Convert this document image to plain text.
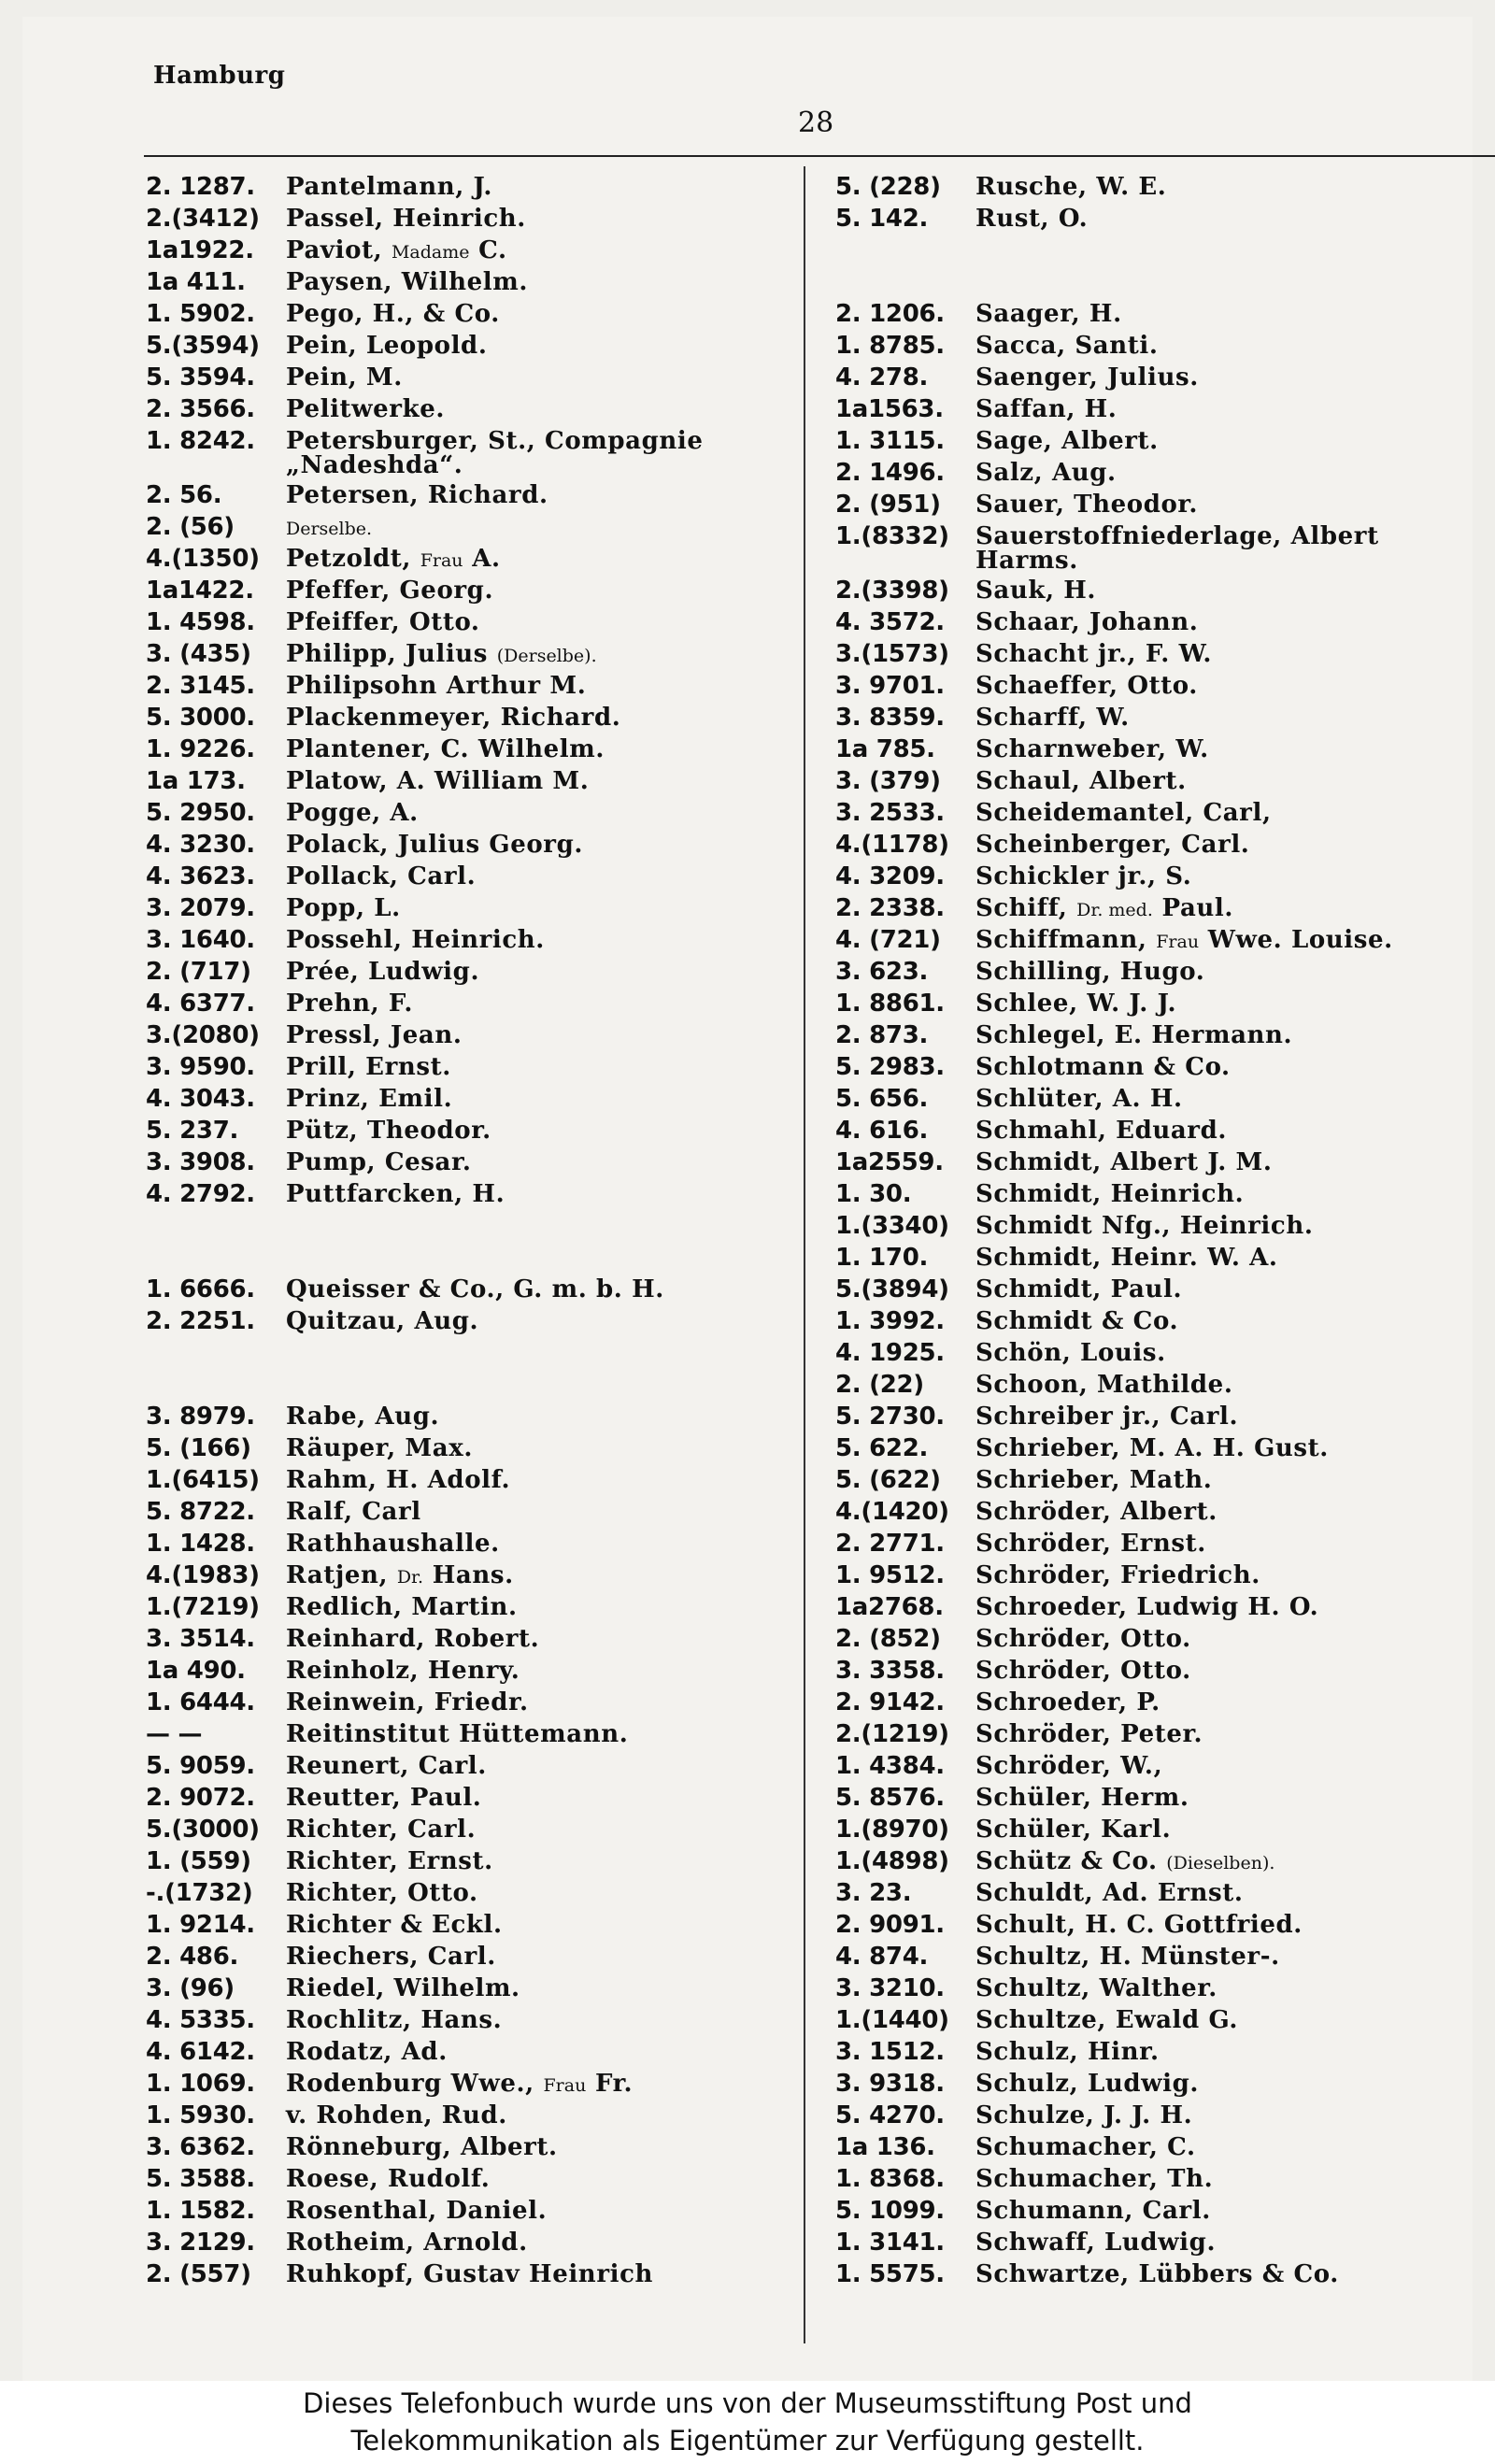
Hamburg
28
2. 1287.	Pantelmann, J.
2.(3412)	Passel, Heinrich.
1a1922.	Paviot, Madame C.
1a 411.	Paysen, Wilhelm.
1. 5902.	Pego, H., & Co.
5.(3594)	Pein, Leopold.
5. 3594.	Pein, M.
2. 3566.	Pelitwerke.
1. 8242.	Petersburger, St., Compagnie „Nadeshda“.
2. 56.	Petersen, Richard.
2. (56)	Derselbe.
4.(1350)	Petzoldt, Frau A.
1a1422.	Pfeffer, Georg.
1. 4598.	Pfeiffer, Otto.
3. (435)	Philipp, Julius (Derselbe).
2. 3145.	Philipsohn Arthur M.
5. 3000.	Plackenmeyer, Richard.
1. 9226.	Plantener, C. Wilhelm.
1a 173.	Platow, A. William M.
5. 2950.	Pogge, A.
4. 3230.	Polack, Julius Georg.
4. 3623.	Pollack, Carl.
3. 2079.	Popp, L.
3. 1640.	Possehl, Heinrich.
2. (717)	Prée, Ludwig.
4. 6377.	Prehn, F.
3.(2080)	Pressl, Jean.
3. 9590.	Prill, Ernst.
4. 3043.	Prinz, Emil.
5. 237.	Pütz, Theodor.
3. 3908.	Pump, Cesar.
4. 2792.	Puttfarcken, H.
1. 6666.	Queisser & Co., G. m. b. H.
2. 2251.	Quitzau, Aug.
3. 8979.	Rabe, Aug.
5. (166)	Räuper, Max.
1.(6415)	Rahm, H. Adolf.
5. 8722.	Ralf, Carl
1. 1428.	Rathhaushalle.
4.(1983)	Ratjen, Dr. Hans.
1.(7219)	Redlich, Martin.
3. 3514.	Reinhard, Robert.
1a 490.	Reinholz, Henry.
1. 6444.	Reinwein, Friedr.
— —	Reitinstitut Hüttemann.
5. 9059.	Reunert, Carl.
2. 9072.	Reutter, Paul.
5.(3000)	Richter, Carl.
1. (559)	Richter, Ernst.
-.(1732)	Richter, Otto.
1. 9214.	Richter & Eckl.
2. 486.	Riechers, Carl.
3. (96)	Riedel, Wilhelm.
4. 5335.	Rochlitz, Hans.
4. 6142.	Rodatz, Ad.
1. 1069.	Rodenburg Wwe., Frau Fr.
1. 5930.	v. Rohden, Rud.
3. 6362.	Rönneburg, Albert.
5. 3588.	Roese, Rudolf.
1. 1582.	Rosenthal, Daniel.
3. 2129.	Rotheim, Arnold.
2. (557)	Ruhkopf, Gustav Heinrich
5. (228)	Rusche, W. E.
5. 142.	Rust, O.
2. 1206.	Saager, H.
1. 8785.	Sacca, Santi.
4. 278.	Saenger, Julius.
1a1563.	Saffan, H.
1. 3115.	Sage, Albert.
2. 1496.	Salz, Aug.
2. (951)	Sauer, Theodor.
1.(8332)	Sauerstoffniederlage, Albert Harms.
2.(3398)	Sauk, H.
4. 3572.	Schaar, Johann.
3.(1573)	Schacht jr., F. W.
3. 9701.	Schaeffer, Otto.
3. 8359.	Scharff, W.
1a 785.	Scharnweber, W.
3. (379)	Schaul, Albert.
3. 2533.	Scheidemantel, Carl,
4.(1178)	Scheinberger, Carl.
4. 3209.	Schickler jr., S.
2. 2338.	Schiff, Dr. med. Paul.
4. (721)	Schiffmann, Frau Wwe. Louise.
3. 623.	Schilling, Hugo.
1. 8861.	Schlee, W. J. J.
2. 873.	Schlegel, E. Hermann.
5. 2983.	Schlotmann & Co.
5. 656.	Schlüter, A. H.
4. 616.	Schmahl, Eduard.
1a2559.	Schmidt, Albert J. M.
1. 30.	Schmidt, Heinrich.
1.(3340)	Schmidt Nfg., Heinrich.
1. 170.	Schmidt, Heinr. W. A.
5.(3894)	Schmidt, Paul.
1. 3992.	Schmidt & Co.
4. 1925.	Schön, Louis.
2. (22)	Schoon, Mathilde.
5. 2730.	Schreiber jr., Carl.
5. 622.	Schrieber, M. A. H. Gust.
5. (622)	Schrieber, Math.
4.(1420)	Schröder, Albert.
2. 2771.	Schröder, Ernst.
1. 9512.	Schröder, Friedrich.
1a2768.	Schroeder, Ludwig H. O.
2. (852)	Schröder, Otto.
3. 3358.	Schröder, Otto.
2. 9142.	Schroeder, P.
2.(1219)	Schröder, Peter.
1. 4384.	Schröder, W.,
5. 8576.	Schüler, Herm.
1.(8970)	Schüler, Karl.
1.(4898)	Schütz & Co. (Dieselben).
3. 23.	Schuldt, Ad. Ernst.
2. 9091.	Schult, H. C. Gottfried.
4. 874.	Schultz, H. Münster-.
3. 3210.	Schultz, Walther.
1.(1440)	Schultze, Ewald G.
3. 1512.	Schulz, Hinr.
3. 9318.	Schulz, Ludwig.
5. 4270.	Schulze, J. J. H.
1a 136.	Schumacher, C.
1. 8368.	Schumacher, Th.
5. 1099.	Schumann, Carl.
1. 3141.	Schwaff, Ludwig.
1. 5575.	Schwartze, Lübbers & Co.
Dieses Telefonbuch wurde uns von der Museumsstiftung Post und
Telekommunikation als Eigentümer zur Verfügung gestellt.
